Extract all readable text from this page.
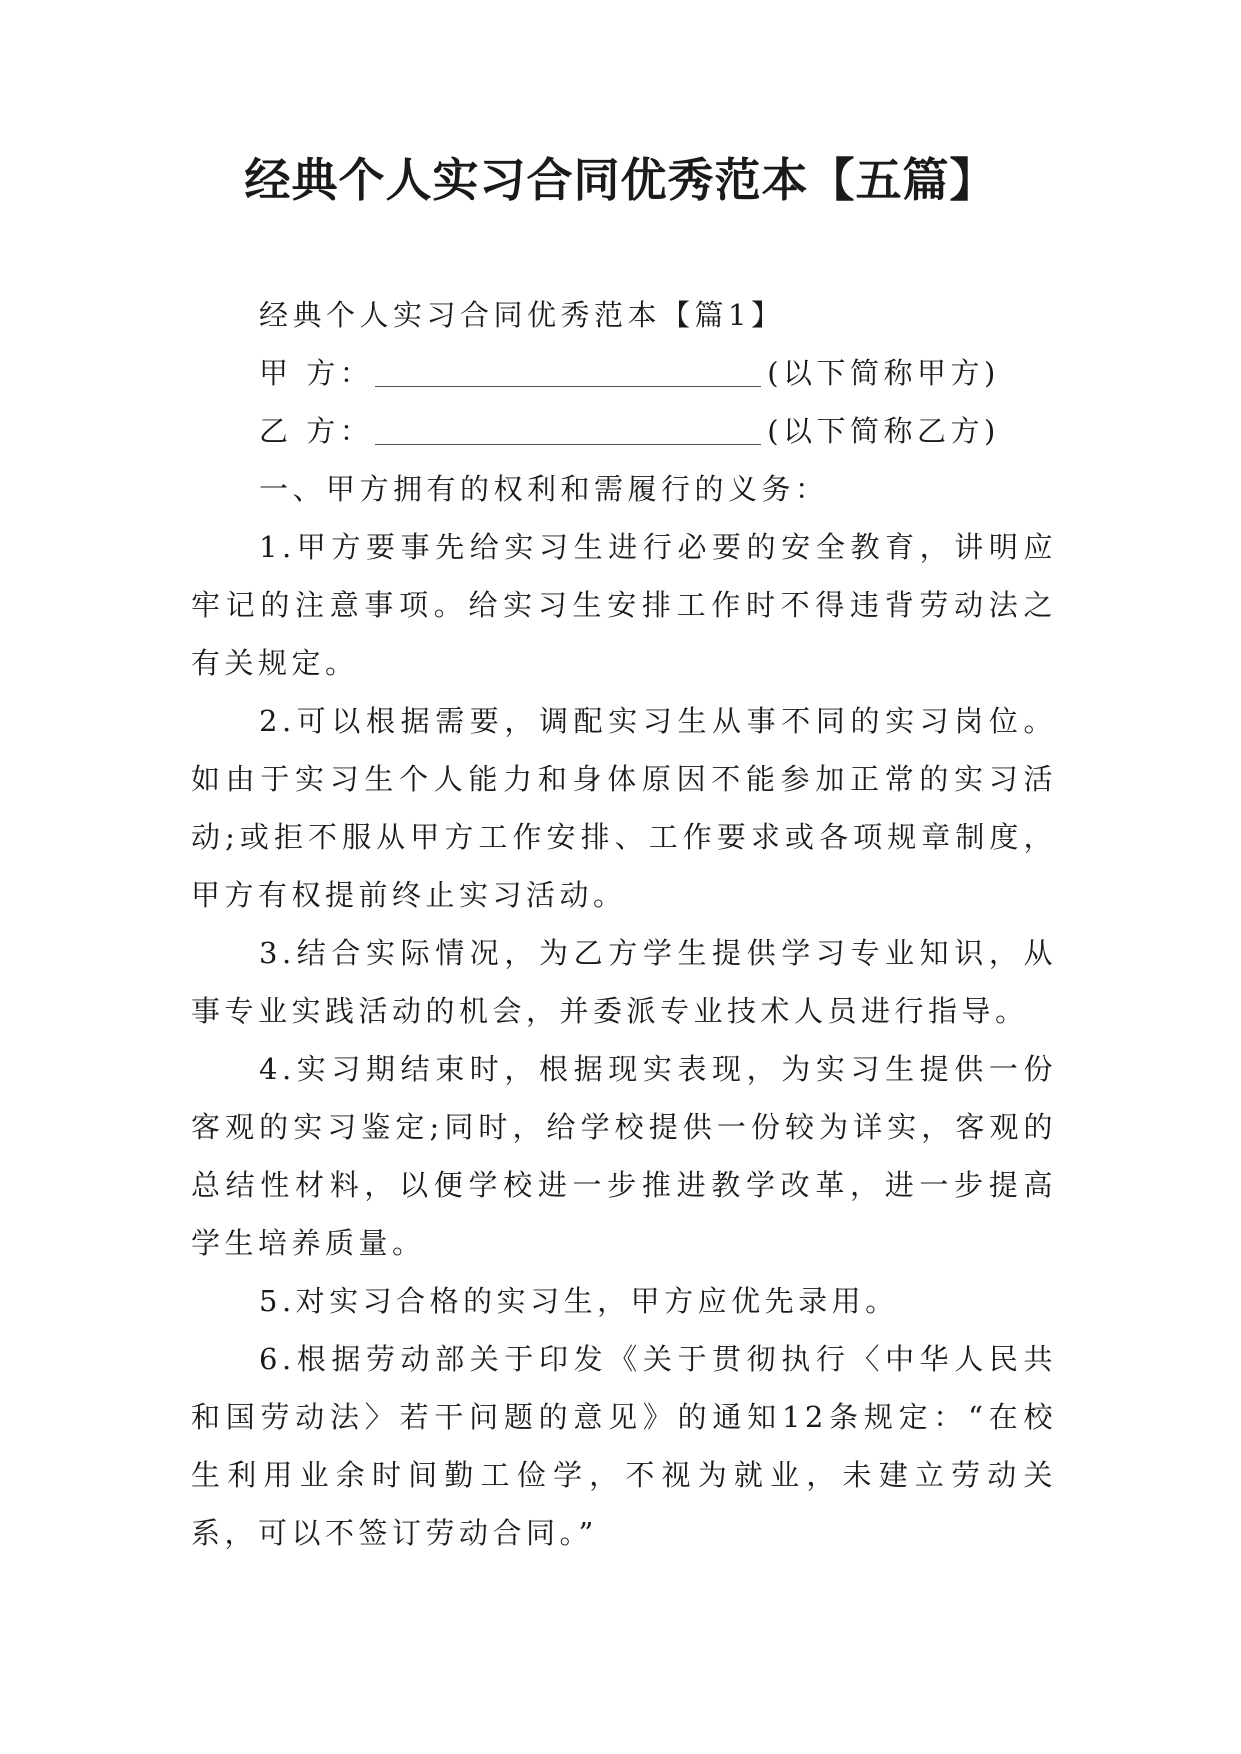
经典个人实习合同优秀范本【五篇】

经典个人实习合同优秀范本【篇1】

甲 方：	(以下简称甲方)

乙 方：	(以下简称乙方)

一、甲方拥有的权利和需履行的义务：

1.甲方要事先给实习生进行必要的安全教育，讲明应牢记的注意事项。给实习生安排工作时不得违背劳动法之有关规定。

2.可以根据需要，调配实习生从事不同的实习岗位。如由于实习生个人能力和身体原因不能参加正常的实习活动;或拒不服从甲方工作安排、工作要求或各项规章制度，甲方有权提前终止实习活动。

3.结合实际情况，为乙方学生提供学习专业知识，从事专业实践活动的机会，并委派专业技术人员进行指导。

4.实习期结束时，根据现实表现，为实习生提供一份客观的实习鉴定;同时，给学校提供一份较为详实，客观的总结性材料，以便学校进一步推进教学改革，进一步提高学生培养质量。

5.对实习合格的实习生，甲方应优先录用。

6.根据劳动部关于印发《关于贯彻执行〈中华人民共和国劳动法〉若干问题的意见》的通知12条规定：“在校生利用业余时间勤工俭学，不视为就业，未建立劳动关系，可以不签订劳动合同。”
